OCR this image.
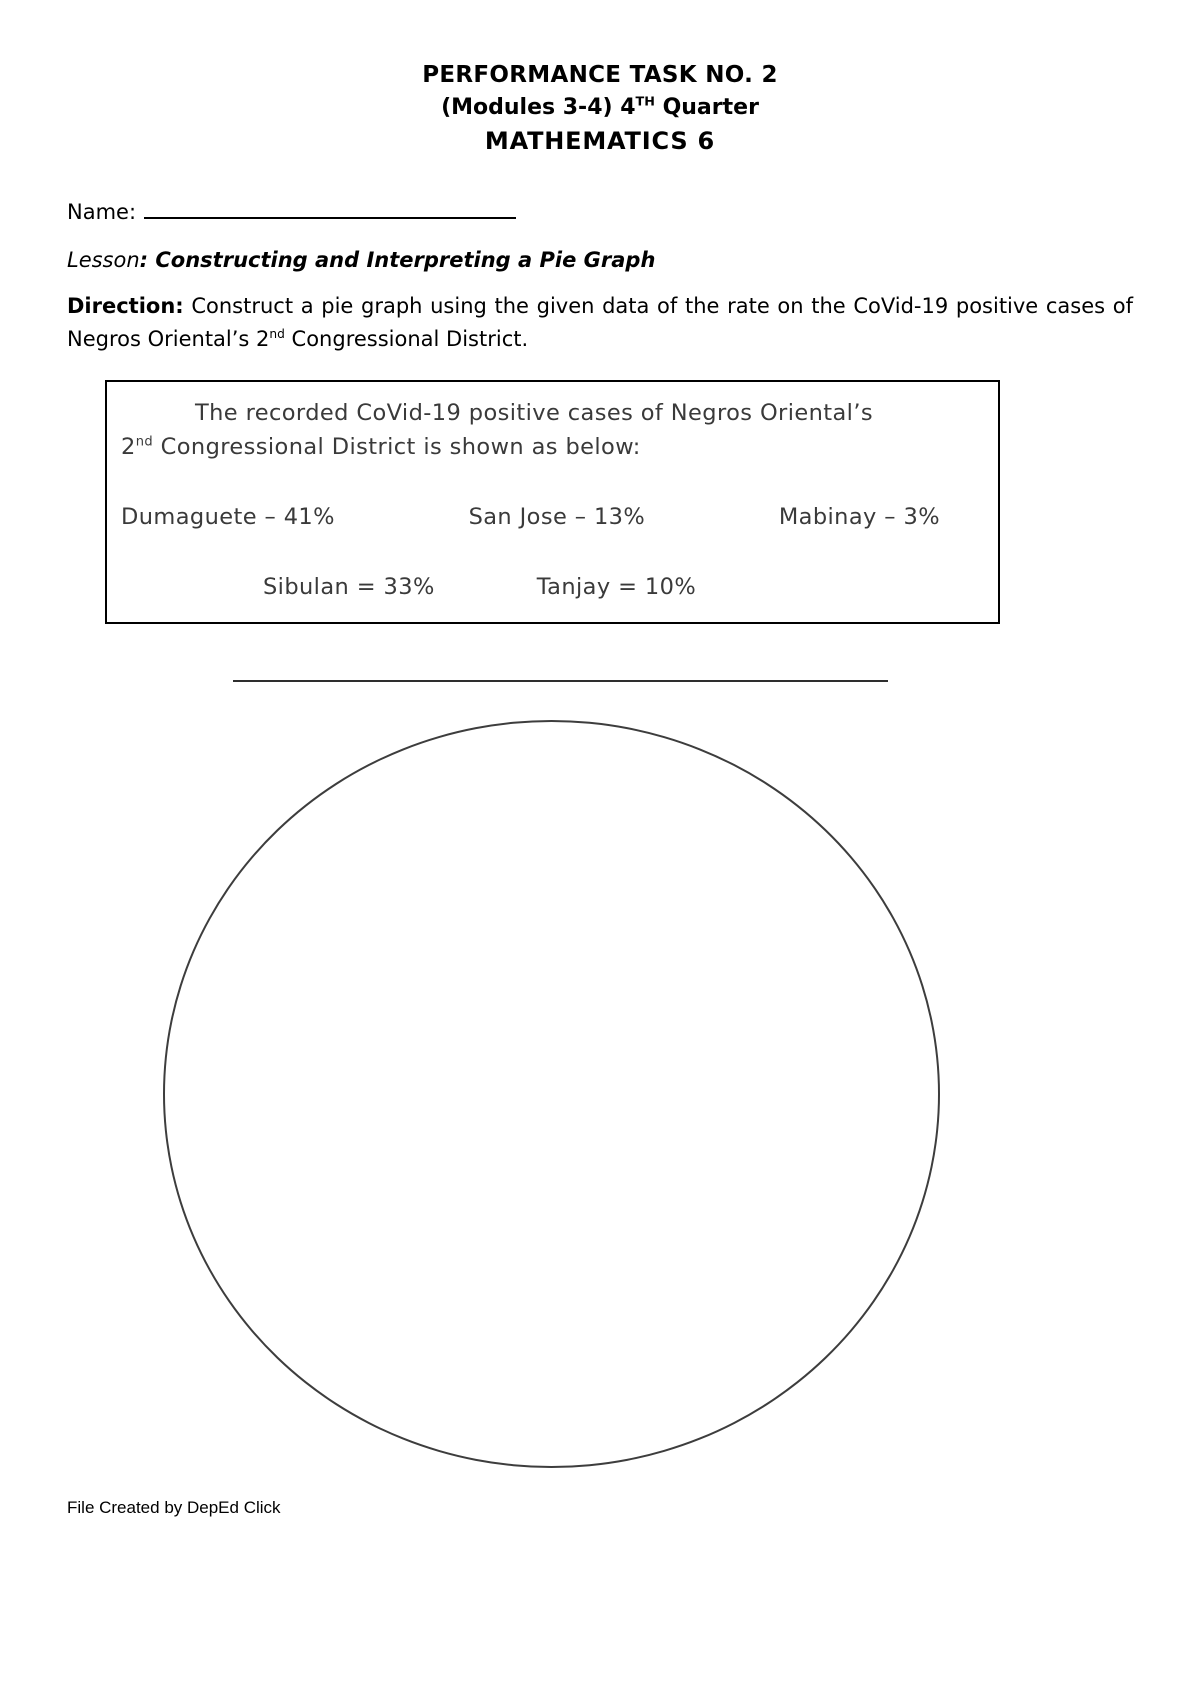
PERFORMANCE TASK NO. 2
(Modules 3-4) 4TH Quarter
MATHEMATICS 6
Name:
Lesson: Constructing and Interpreting a Pie Graph
Direction: Construct a pie graph using the given data of the rate on the CoVid-19 positive cases of Negros Oriental’s 2nd Congressional District.
The recorded CoVid-19 positive cases of Negros Oriental’s
2nd Congressional District is shown as below:
Dumaguete – 41%	San Jose – 13%	Mabinay – 3%
Sibulan = 33%	Tanjay = 10%
File Created by DepEd Click
